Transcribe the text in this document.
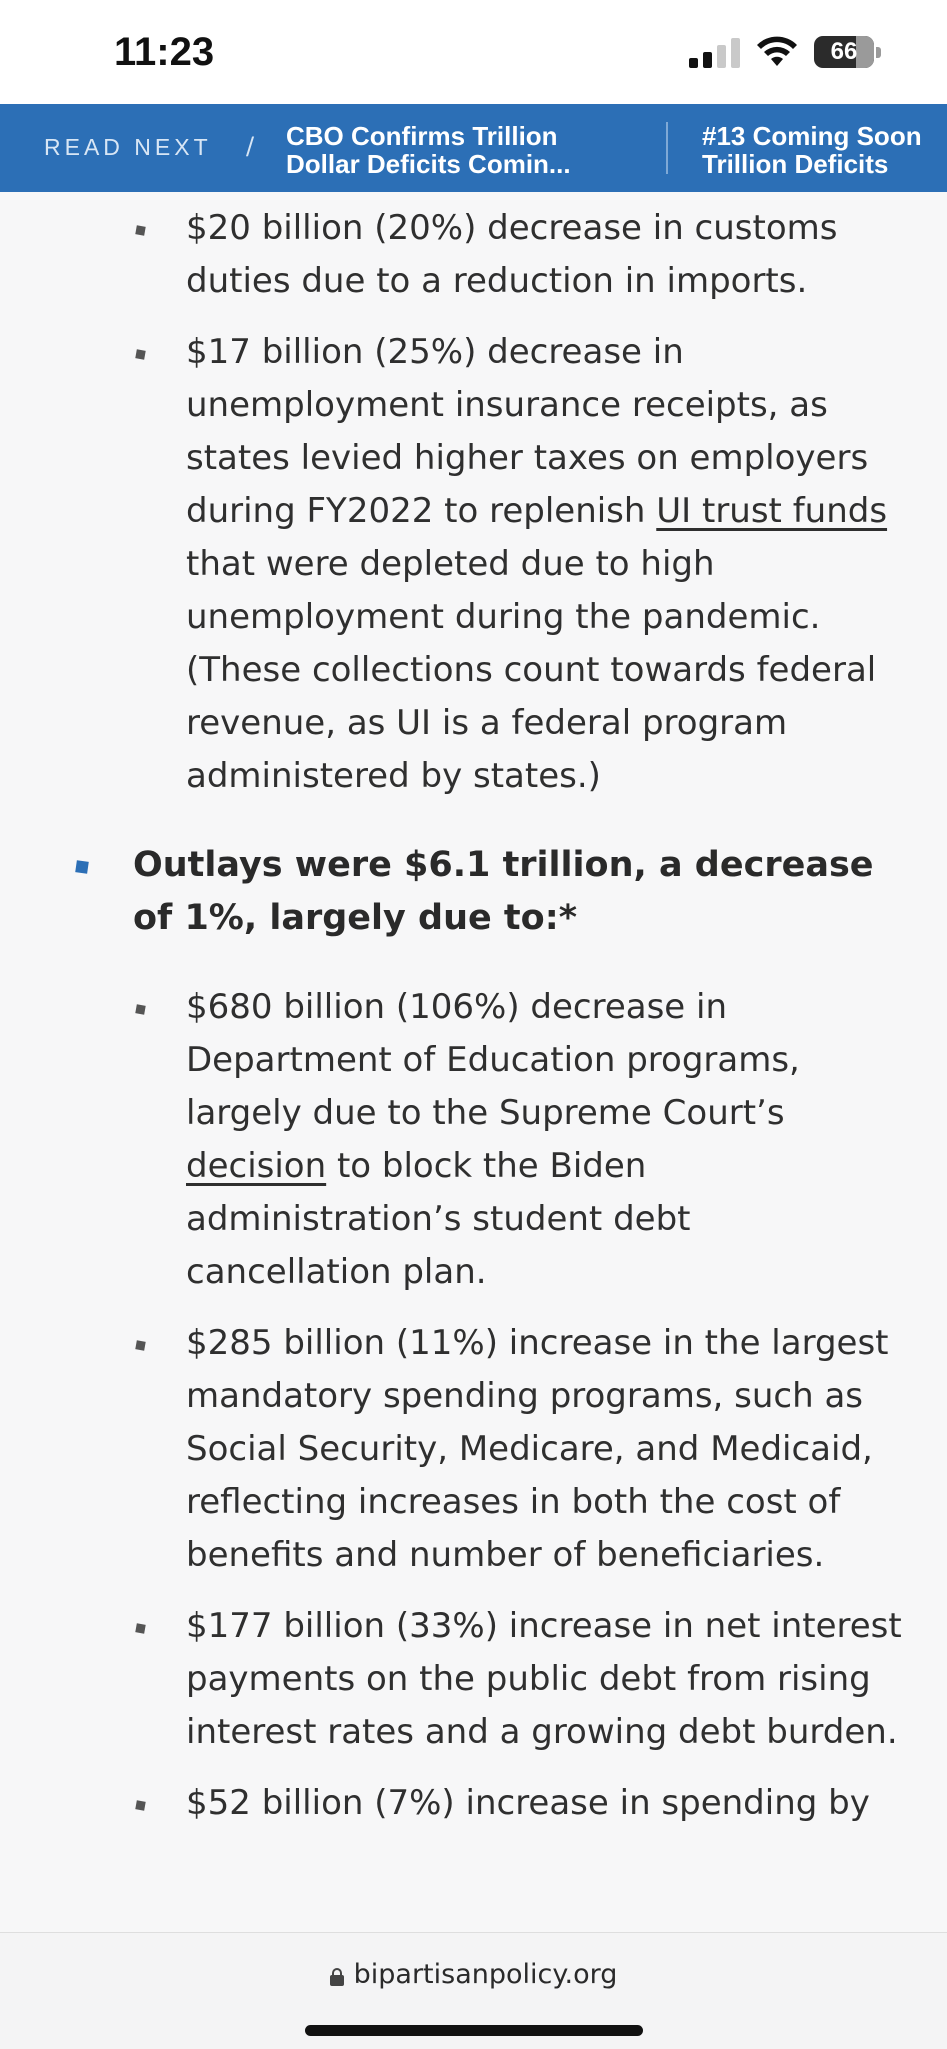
11:23	66
READ NEXT / CBO Confirms Trillion
Dollar Deficits Comin...
#13 Coming Soon
Trillion Deficits

$20 billion (20%) decrease in customs duties due to a reduction in imports.

$17 billion (25%) decrease in unemployment insurance receipts, as states levied higher taxes on employers during FY2022 to replenish UI trust funds that were depleted due to high unemployment during the pandemic. (These collections count towards federal revenue, as UI is a federal program administered by states.)

Outlays were $6.1 trillion, a decrease of 1%, largely due to:*

$680 billion (106%) decrease in Department of Education programs, largely due to the Supreme Court’s decision to block the Biden administration’s student debt cancellation plan.

$285 billion (11%) increase in the largest mandatory spending programs, such as Social Security, Medicare, and Medicaid, reflecting increases in both the cost of benefits and number of beneficiaries.

$177 billion (33%) increase in net interest payments on the public debt from rising interest rates and a growing debt burden.

$52 billion (7%) increase in spending by

bipartisanpolicy.org
